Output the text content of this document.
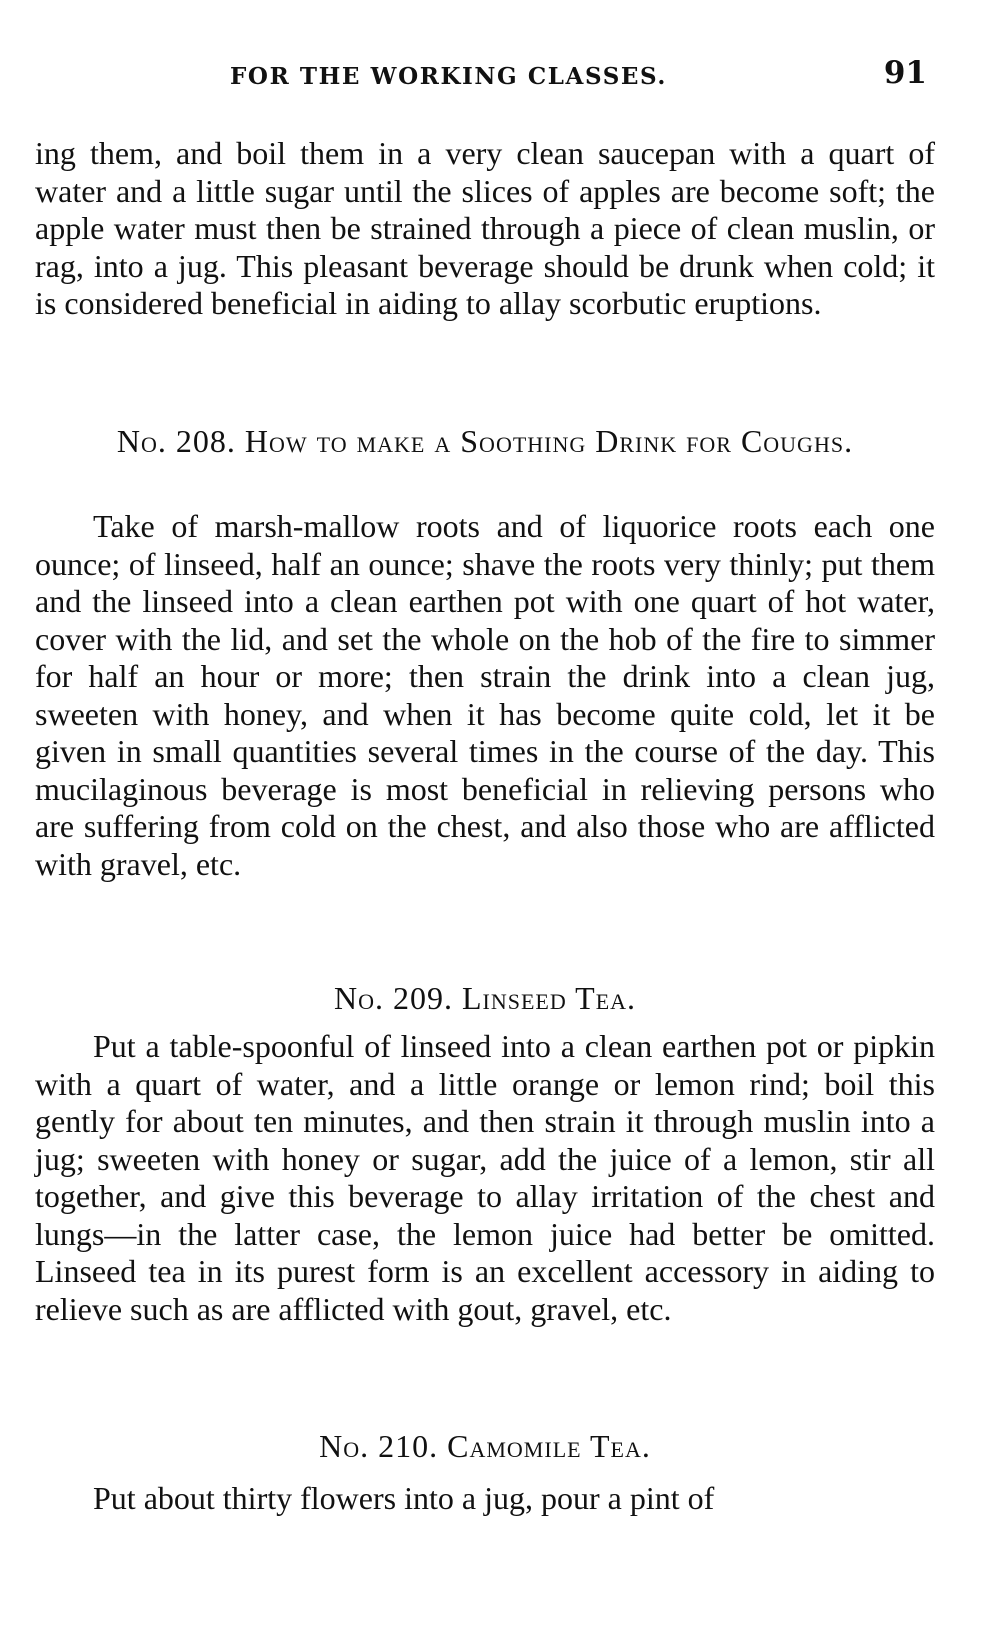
FOR THE WORKING CLASSES.	91

ing them, and boil them in a very clean saucepan with a quart of water and a little sugar until the slices of apples are become soft; the apple water must then be strained through a piece of clean muslin, or rag, into a jug. This pleasant beverage should be drunk when cold; it is considered beneficial in aiding to allay scorbutic eruptions.

No. 208. How to make a Soothing Drink for Coughs.

Take of marsh-mallow roots and of liquorice roots each one ounce; of linseed, half an ounce; shave the roots very thinly; put them and the linseed into a clean earthen pot with one quart of hot water, cover with the lid, and set the whole on the hob of the fire to simmer for half an hour or more; then strain the drink into a clean jug, sweeten with honey, and when it has become quite cold, let it be given in small quantities several times in the course of the day. This mucilaginous beverage is most beneficial in relieving persons who are suffering from cold on the chest, and also those who are afflicted with gravel, etc.

No. 209. Linseed Tea.

Put a table-spoonful of linseed into a clean earthen pot or pipkin with a quart of water, and a little orange or lemon rind; boil this gently for about ten minutes, and then strain it through muslin into a jug; sweeten with honey or sugar, add the juice of a lemon, stir all together, and give this beverage to allay irritation of the chest and lungs—in the latter case, the lemon juice had better be omitted. Linseed tea in its purest form is an excellent accessory in aiding to relieve such as are afflicted with gout, gravel, etc.

No. 210. Camomile Tea.

Put about thirty flowers into a jug, pour a pint of
